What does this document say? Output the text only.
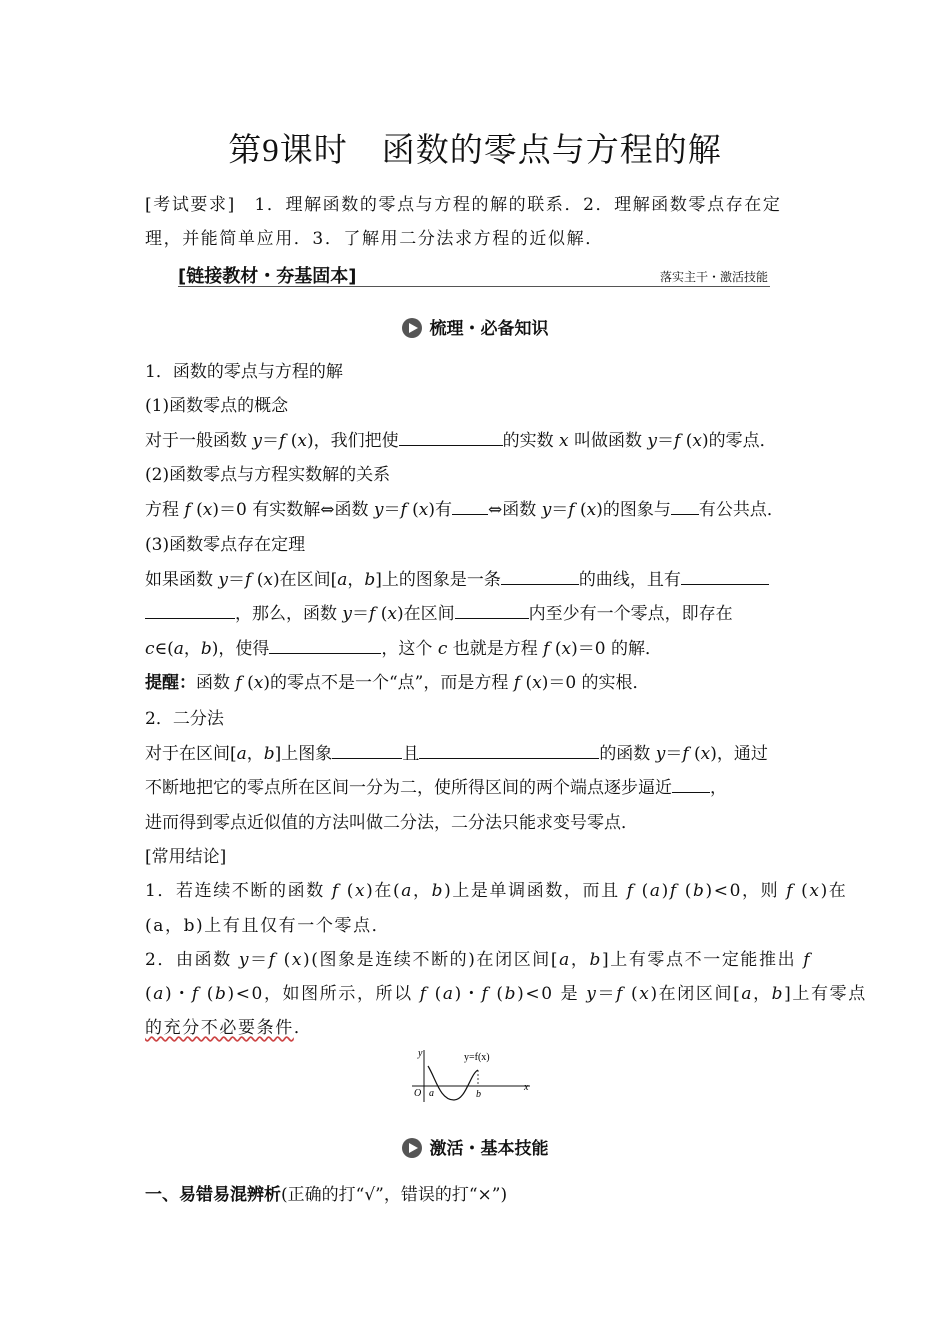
第9课时　函数的零点与方程的解
[考试要求]　1．理解函数的零点与方程的解的联系．2．理解函数零点存在定
理，并能简单应用．3．了解用二分法求方程的近似解．
[链接教材・夯基固本]	落实主干・激活技能
梳理・必备知识
1．函数的零点与方程的解
(1)函数零点的概念
对于一般函数 y＝f (x)，我们把使	的实数 x 叫做函数 y＝f (x)的零点．
(2)函数零点与方程实数解的关系
方程 f (x)＝0 有实数解⇔函数 y＝f (x)有 ⇔函数 y＝f (x)的图象与 有公共点．
(3)函数零点存在定理
如果函数 y＝f (x)在区间[a，b]上的图象是一条	的曲线，且有
，那么，函数 y＝f (x)在区间	内至少有一个零点，即存在
c∈(a，b)，使得	，这个 c 也就是方程 f (x)＝0 的解．
提醒：函数 f (x)的零点不是一个“点”，而是方程 f (x)＝0 的实根．
2．二分法
对于在区间[a，b]上图象	且	的函数 y＝f (x)，通过
不断地把它的零点所在区间一分为二，使所得区间的两个端点逐步逼近 ，
进而得到零点近似值的方法叫做二分法，二分法只能求变号零点．
[常用结论]
1．若连续不断的函数 f (x)在(a，b)上是单调函数，而且 f (a)f (b)<0，则 f (x)在
(a，b)上有且仅有一个零点．
2．由函数 y＝f (x)(图象是连续不断的)在闭区间[a，b]上有零点不一定能推出 f
(a)・f (b)<0，如图所示，所以 f (a)・f (b)<0 是 y＝f (x)在闭区间[a，b]上有零点
的充分不必要条件．
y	y=f(x)
O a	b
x
激活・基本技能
一、易错易混辨析(正确的打“√”，错误的打“×”)
